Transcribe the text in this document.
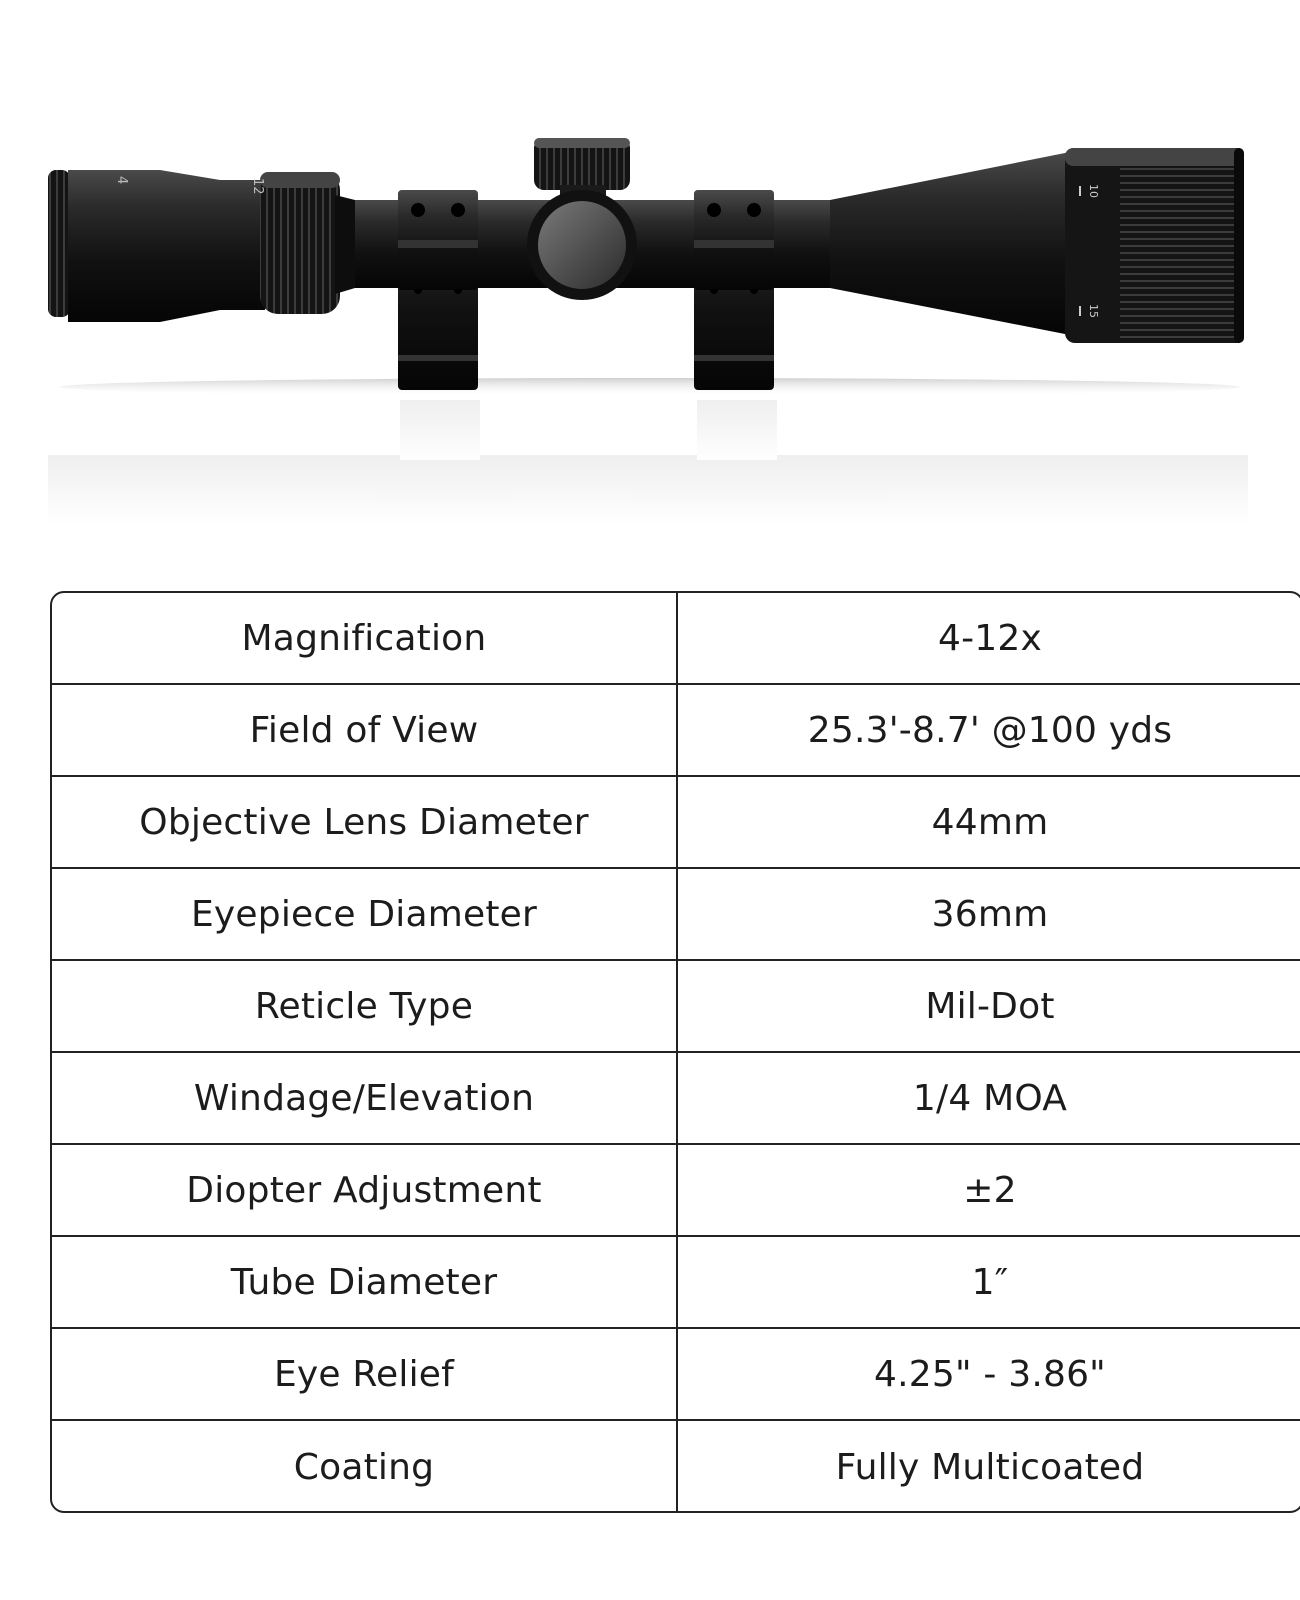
4	12	10
15
Magnification	4-12x
Field of View	25.3'-8.7' @100 yds
Objective Lens Diameter	44mm
Eyepiece Diameter	36mm
Reticle Type	Mil-Dot
Windage/Elevation	1/4 MOA
Diopter Adjustment	±2
Tube Diameter	1″
Eye Relief	4.25" - 3.86"
Coating	Fully Multicoated
